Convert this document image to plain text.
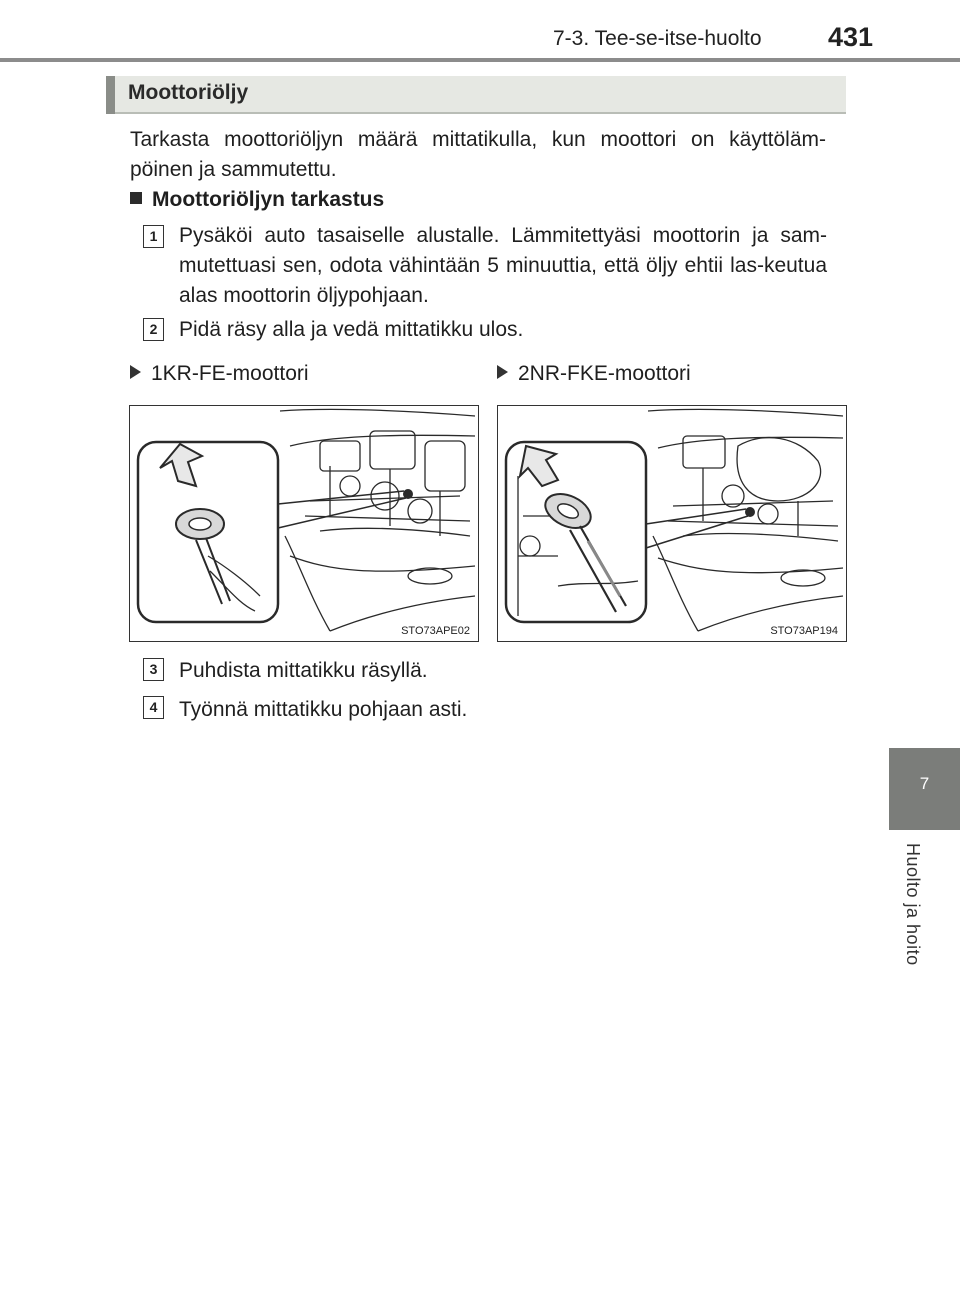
7-3. Tee-se-itse-huolto 431
Moottoriöljy
Tarkasta moottoriöljyn määrä mittatikulla, kun moottori on käyttöläm-pöinen ja sammutettu.
Moottoriöljyn tarkastus
1	Pysäköi auto tasaiselle alustalle. Lämmitettyäsi moottorin ja sam-mutettuasi sen, odota vähintään 5 minuuttia, että öljy ehtii las-keutua alas moottorin öljypohjaan.
2	Pidä räsy alla ja vedä mittatikku ulos.
1KR-FE-moottori	2NR-FKE-moottori
STO73APE02	STO73AP194
3	Puhdista mittatikku räsyllä.
4	Työnnä mittatikku pohjaan asti.
7
Huolto ja hoito
